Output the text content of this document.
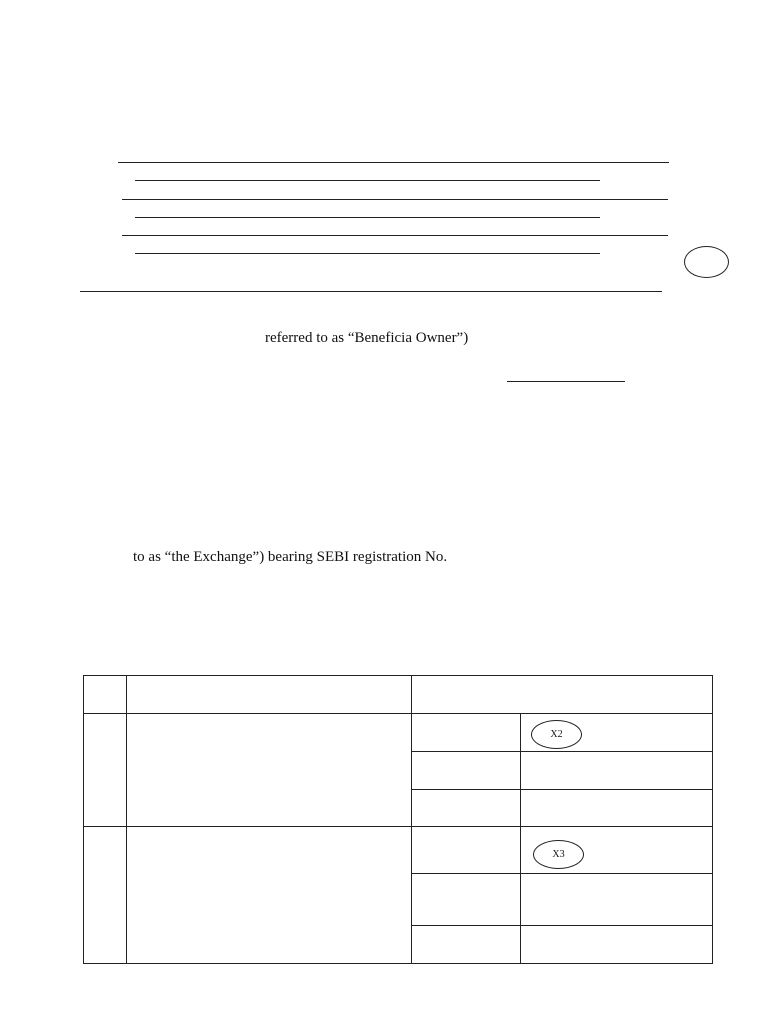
referred to as “Beneficia Owner”)
to as “the Exchange”) bearing SEBI registration No.
X2
X3
